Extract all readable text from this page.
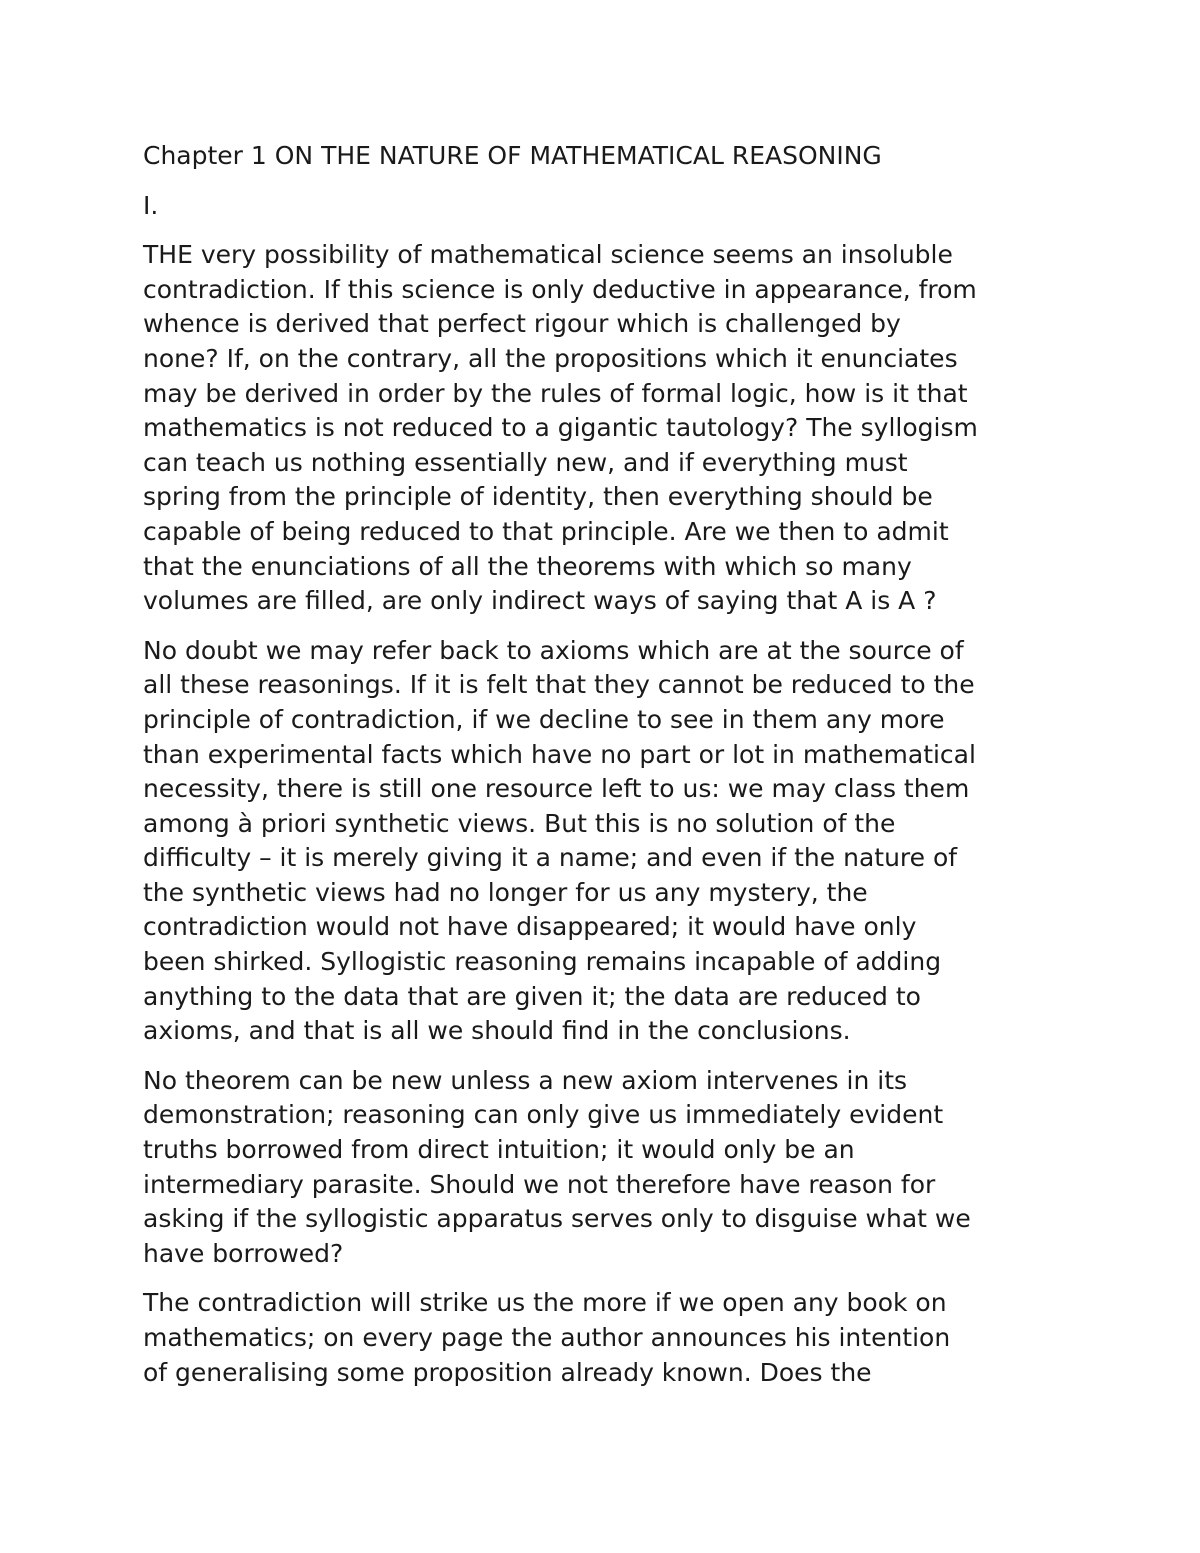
Chapter 1 ON THE NATURE OF MATHEMATICAL REASONING
I.
THE very possibility of mathematical science seems an insoluble
contradiction. If this science is only deductive in appearance, from
whence is derived that perfect rigour which is challenged by
none? If, on the contrary, all the propositions which it enunciates
may be derived in order by the rules of formal logic, how is it that
mathematics is not reduced to a gigantic tautology? The syllogism
can teach us nothing essentially new, and if everything must
spring from the principle of identity, then everything should be
capable of being reduced to that principle. Are we then to admit
that the enunciations of all the theorems with which so many
volumes are filled, are only indirect ways of saying that A is A ?
No doubt we may refer back to axioms which are at the source of
all these reasonings. If it is felt that they cannot be reduced to the
principle of contradiction, if we decline to see in them any more
than experimental facts which have no part or lot in mathematical
necessity, there is still one resource left to us: we may class them
among à priori synthetic views. But this is no solution of the
difficulty – it is merely giving it a name; and even if the nature of
the synthetic views had no longer for us any mystery, the
contradiction would not have disappeared; it would have only
been shirked. Syllogistic reasoning remains incapable of adding
anything to the data that are given it; the data are reduced to
axioms, and that is all we should find in the conclusions.
No theorem can be new unless a new axiom intervenes in its
demonstration; reasoning can only give us immediately evident
truths borrowed from direct intuition; it would only be an
intermediary parasite. Should we not therefore have reason for
asking if the syllogistic apparatus serves only to disguise what we
have borrowed?
The contradiction will strike us the more if we open any book on
mathematics; on every page the author announces his intention
of generalising some proposition already known. Does the
